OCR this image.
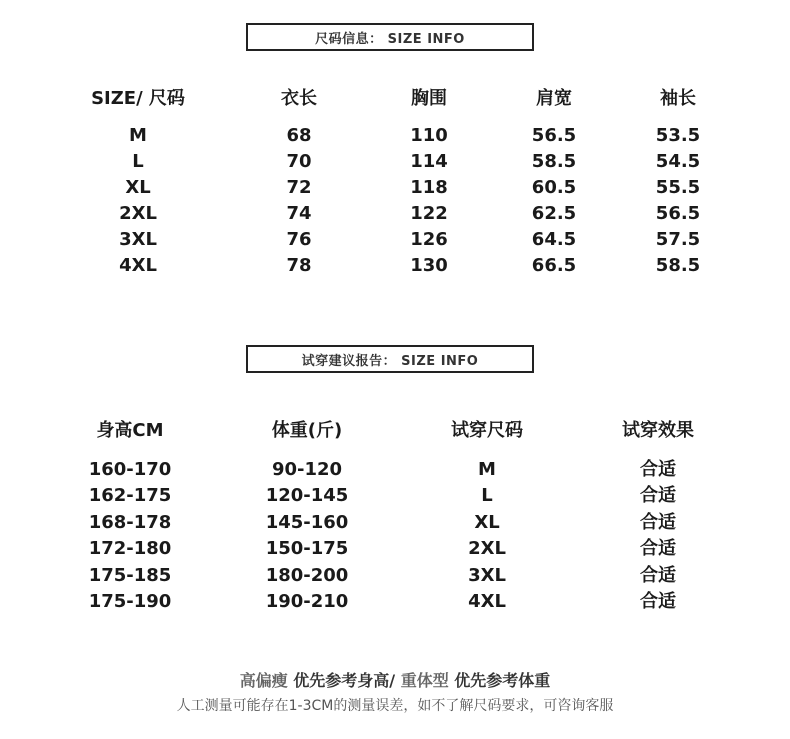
尺码信息： SIZE INFO
SIZE/ 尺码	衣长	胸围	肩宽	袖长
M	68	110	56.5	53.5
L	70	114	58.5	54.5
XL	72	118	60.5	55.5
2XL	74	122	62.5	56.5
3XL	76	126	64.5	57.5
4XL	78	130	66.5	58.5
试穿建议报告： SIZE INFO
身高CM	体重(斤)	试穿尺码	试穿效果
160-170	90-120	M	合适
162-175	120-145	L	合适
168-178	145-160	XL	合适
172-180	150-175	2XL	合适
175-185	180-200	3XL	合适
175-190	190-210	4XL	合适
高偏瘦 优先参考身高/ 重体型 优先参考体重
人工测量可能存在1-3CM的测量误差，如不了解尺码要求，可咨询客服
